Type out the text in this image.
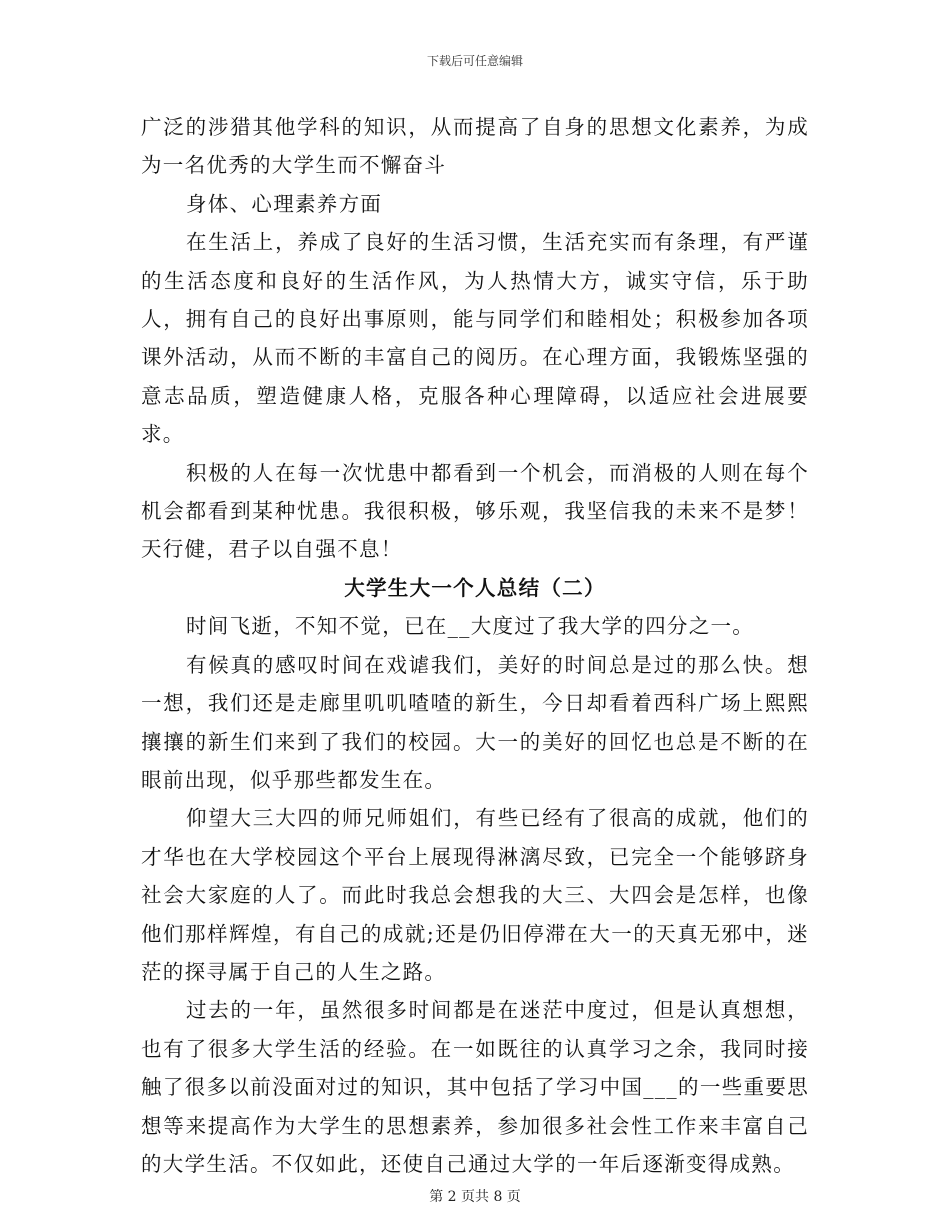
下载后可任意编辑

广泛的涉猎其他学科的知识，从而提高了自身的思想文化素养，为成为一名优秀的大学生而不懈奋斗

身体、心理素养方面

在生活上，养成了良好的生活习惯，生活充实而有条理，有严谨的生活态度和良好的生活作风，为人热情大方，诚实守信，乐于助人，拥有自己的良好出事原则，能与同学们和睦相处；积极参加各项课外活动，从而不断的丰富自己的阅历。在心理方面，我锻炼坚强的意志品质，塑造健康人格，克服各种心理障碍，以适应社会进展要求。

积极的人在每一次忧患中都看到一个机会，而消极的人则在每个机会都看到某种忧患。我很积极，够乐观，我坚信我的未来不是梦！天行健，君子以自强不息！

大学生大一个人总结（二）

时间飞逝，不知不觉，已在__大度过了我大学的四分之一。

有候真的感叹时间在戏谑我们，美好的时间总是过的那么快。想一想，我们还是走廊里叽叽喳喳的新生，今日却看着西科广场上熙熙攘攘的新生们来到了我们的校园。大一的美好的回忆也总是不断的在眼前出现，似乎那些都发生在。

仰望大三大四的师兄师姐们，有些已经有了很高的成就，他们的才华也在大学校园这个平台上展现得淋漓尽致，已完全一个能够跻身社会大家庭的人了。而此时我总会想我的大三、大四会是怎样，也像他们那样辉煌，有自己的成就;还是仍旧停滞在大一的天真无邪中，迷茫的探寻属于自己的人生之路。

过去的一年，虽然很多时间都是在迷茫中度过，但是认真想想，也有了很多大学生活的经验。在一如既往的认真学习之余，我同时接触了很多以前没面对过的知识，其中包括了学习中国___的一些重要思想等来提高作为大学生的思想素养，参加很多社会性工作来丰富自己的大学生活。不仅如此，还使自己通过大学的一年后逐渐变得成熟。

第 2 页共 8 页
